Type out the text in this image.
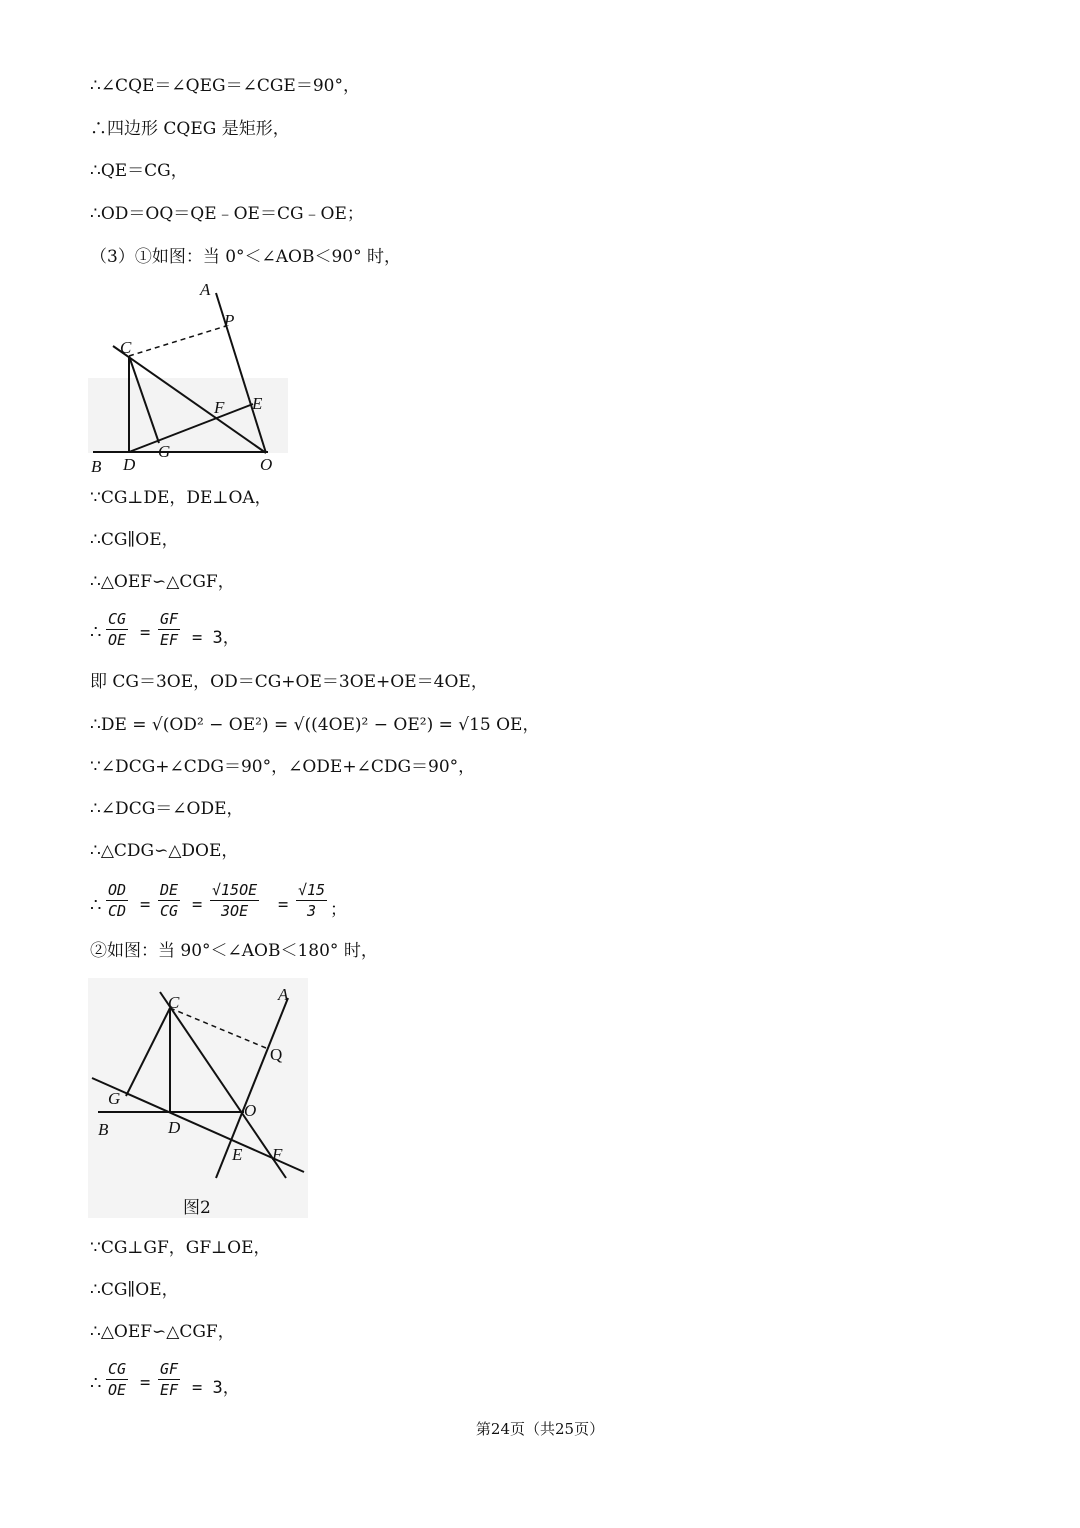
∴∠CQE＝∠QEG＝∠CGE＝90°，
∴四边形 CQEG 是矩形，
∴QE＝CG，
∴OD＝OQ＝QE﹣OE＝CG﹣OE；
（3）①如图：当 0°＜∠AOB＜90° 时，
A
P
C
E
F
G
B D	O
∵CG⊥DE，DE⊥OA，
∴CG∥OE，
∴△OEF∽△CGF，
∴
CG
OE =
GF
EF = 3，
即 CG＝3OE，OD＝CG+OE＝3OE+OE＝4OE，
∴DE = √(OD² − OE²) = √((4OE)² − OE²) = √15 OE，
∵∠DCG+∠CDG＝90°，∠ODE+∠CDG＝90°，
∴∠DCG＝∠ODE，
∴△CDG∽△DOE，
∴
OD
CD =
DE
CG =
√15OE
3OE	=
√15
3 ；
②如图：当 90°＜∠AOB＜180° 时，
C	A
Q
G
O
B	D
E F
图2
∵CG⊥GF，GF⊥OE，
∴CG∥OE，
∴△OEF∽△CGF，
∴
CG
OE =
GF
EF = 3，
第24页（共25页）
